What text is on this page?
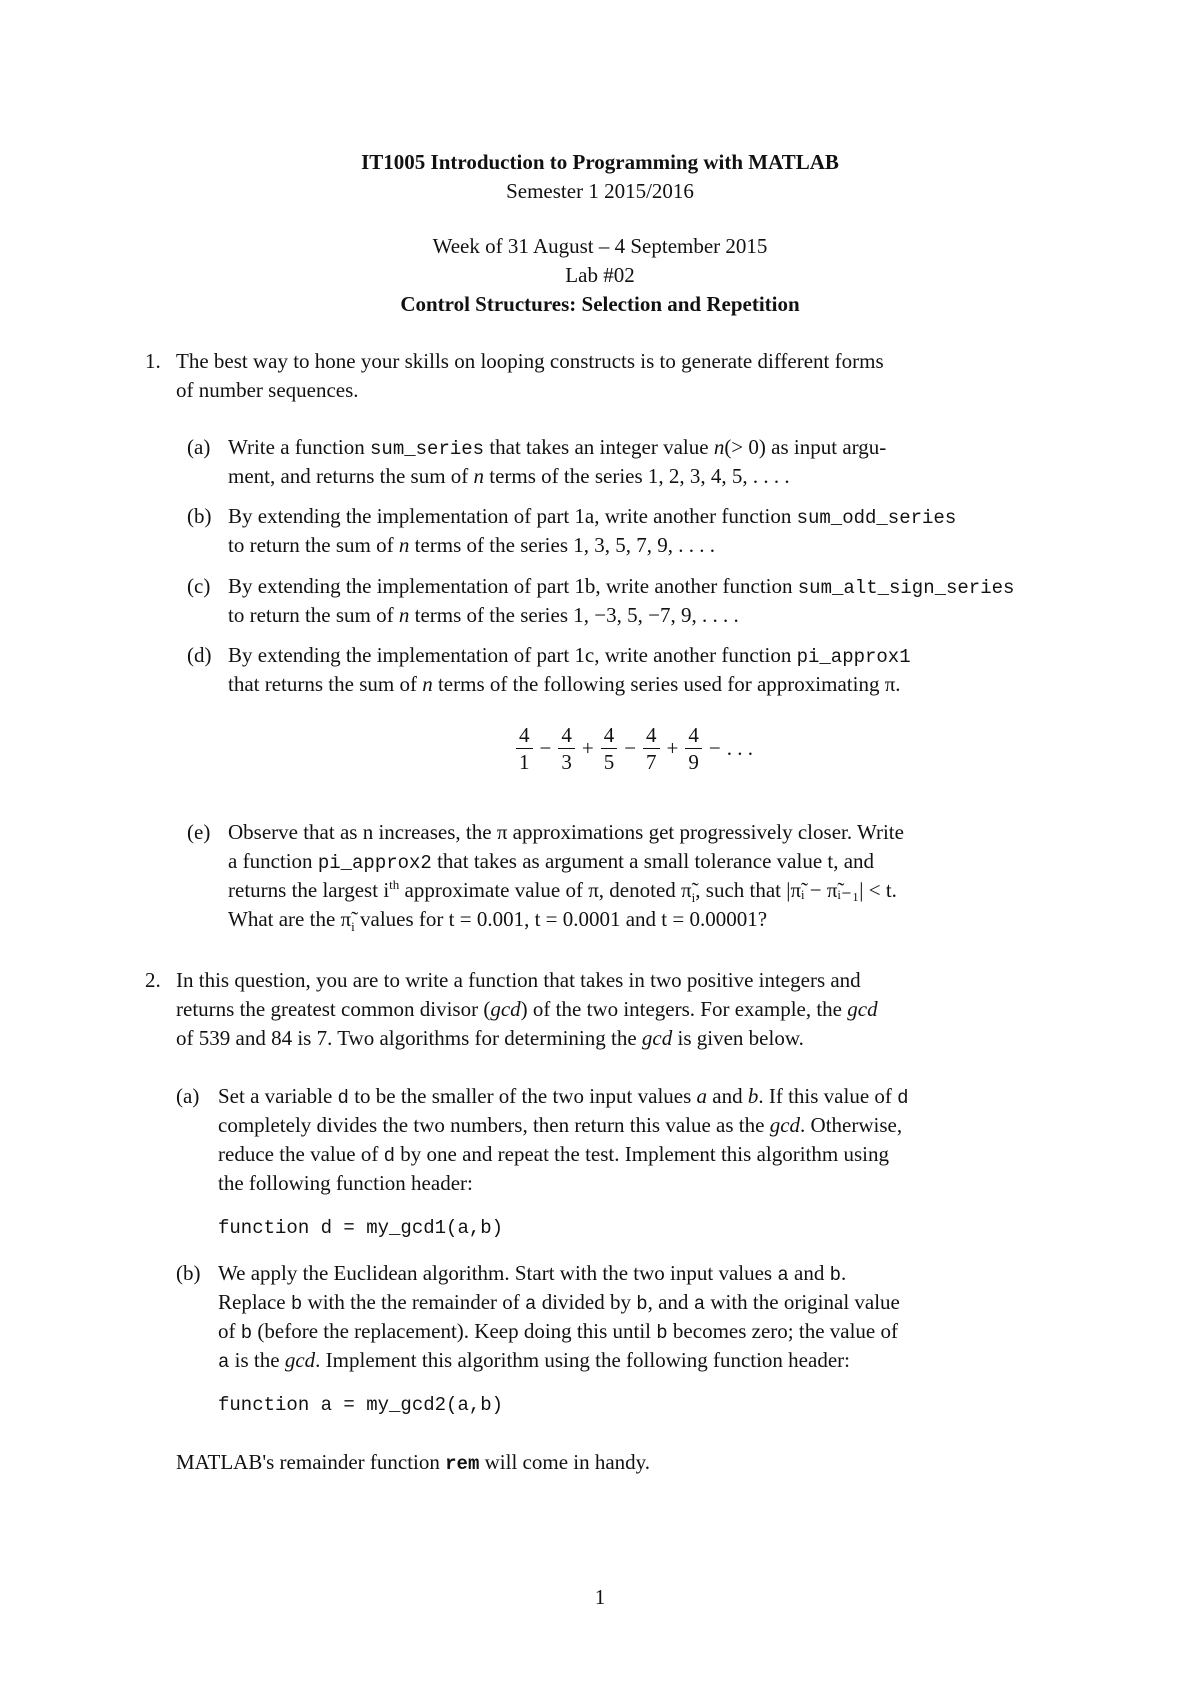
IT1005 Introduction to Programming with MATLAB
Semester 1 2015/2016
Week of 31 August – 4 September 2015
Lab #02
Control Structures: Selection and Repetition
1. The best way to hone your skills on looping constructs is to generate different forms
of number sequences.
(a) Write a function sum_series that takes an integer value n(> 0) as input argu-
ment, and returns the sum of n terms of the series 1, 2, 3, 4, 5, . . . .
(b) By extending the implementation of part 1a, write another function sum_odd_series
to return the sum of n terms of the series 1, 3, 5, 7, 9, . . . .
(c) By extending the implementation of part 1b, write another function sum_alt_sign_series
to return the sum of n terms of the series 1, −3, 5, −7, 9, . . . .
(d) By extending the implementation of part 1c, write another function pi_approx1
that returns the sum of n terms of the following series used for approximating π.
$\frac{4}{1} - \frac{4}{3} + \frac{4}{5} - \frac{4}{7} + \frac{4}{9}$ − . . .
(e) Observe that as n increases, the π approximations get progressively closer. Write
a function pi_approx2 that takes as argument a small tolerance value t, and
returns the largest $i^{th}$ approximate value of π, denoted $\pĩ_i$, such that |π̃ᵢ − π̃ᵢ₋₁| < t.
What are the $\pĩ_i$ values for t = 0.001, t = 0.0001 and t = 0.00001?
2. In this question, you are to write a function that takes in two positive integers and
returns the greatest common divisor (gcd) of the two integers. For example, the gcd
of 539 and 84 is 7. Two algorithms for determining the gcd is given below.
(a) Set a variable d to be the smaller of the two input values a and b. If this value of d
completely divides the two numbers, then return this value as the gcd. Otherwise,
reduce the value of d by one and repeat the test. Implement this algorithm using
the following function header:
function d = my_gcd1(a,b)
(b) We apply the Euclidean algorithm. Start with the two input values a and b.
Replace b with the the remainder of a divided by b, and a with the original value
of b (before the replacement). Keep doing this until b becomes zero; the value of
a is the gcd. Implement this algorithm using the following function header:
function a = my_gcd2(a,b)
MATLAB's remainder function rem will come in handy.
1
